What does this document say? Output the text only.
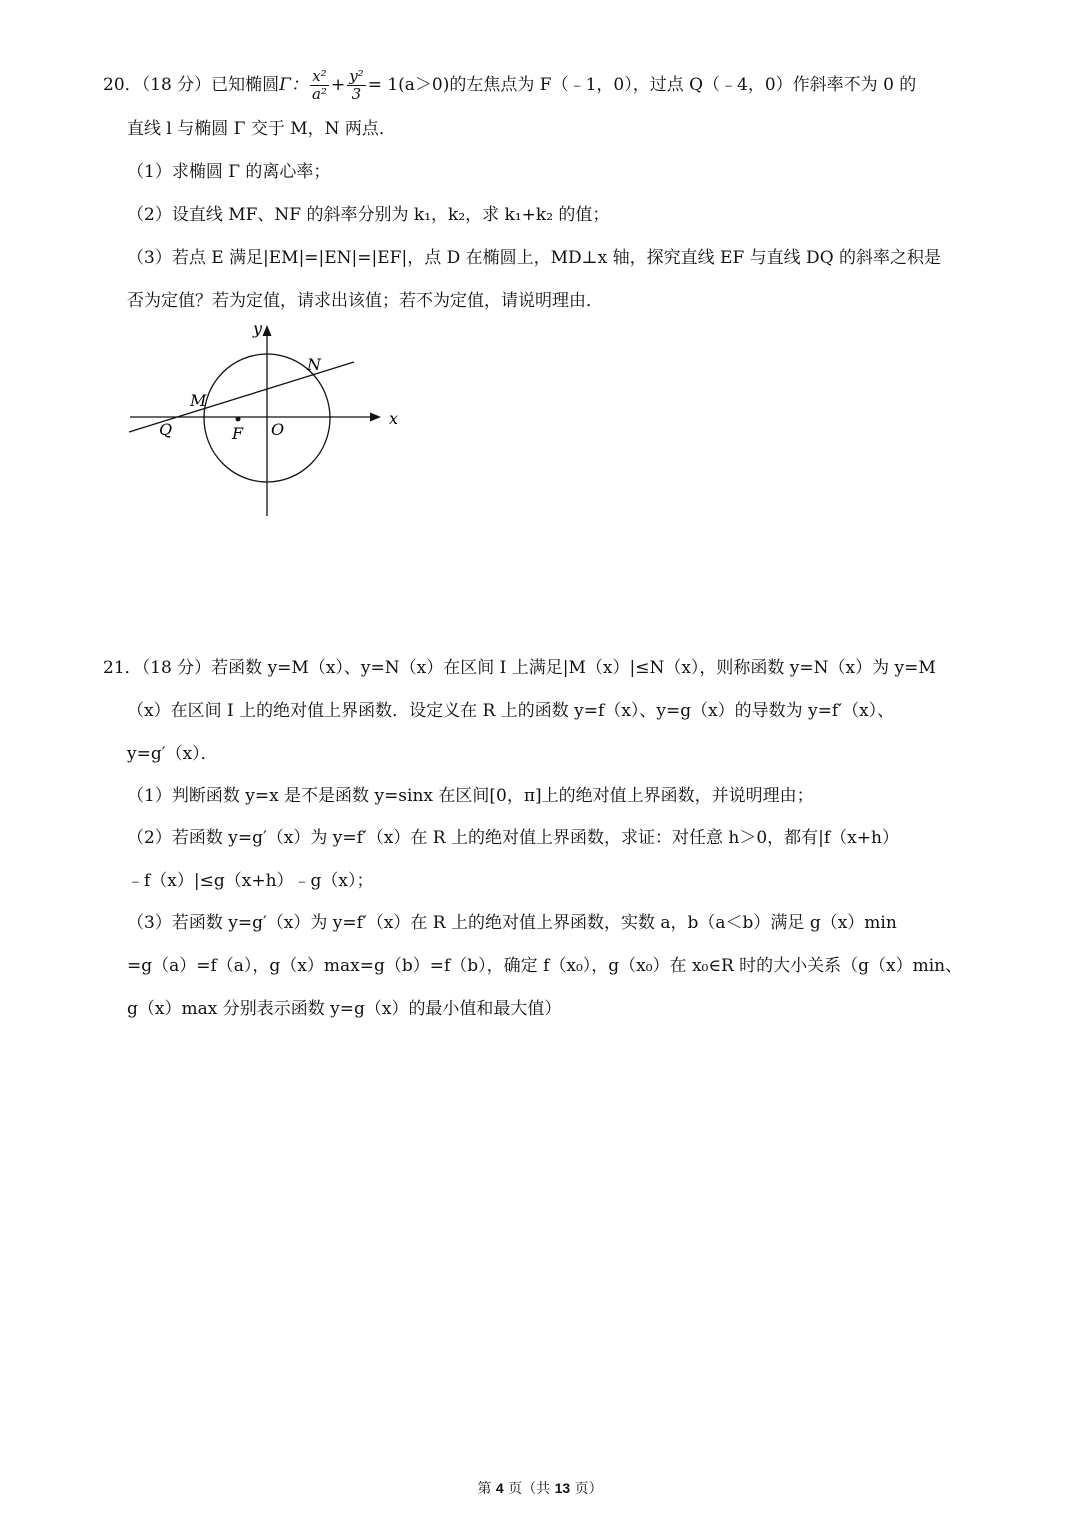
20．（18 分）已知椭圆Γ： $\frac{\text{x²}}{\text{a²}} + \frac{\text{y²}}{3} = 1(a>0)$的左焦点为 F（﹣1，0），过点 Q（﹣4，0）作斜率不为 0 的
直线 l 与椭圆 Γ 交于 M，N 两点．
（1）求椭圆 Γ 的离心率；
（2）设直线 MF、NF 的斜率分别为 k₁，k₂，求 k₁+k₂ 的值；
（3）若点 E 满足|EM|=|EN|=|EF|，点 D 在椭圆上，MD⊥x 轴，探究直线 EF 与直线 DQ 的斜率之积是
否为定值？若为定值，请求出该值；若不为定值，请说明理由．
y
x
N
M
Q	F O
21．（18 分）若函数 y=M（x）、y=N（x）在区间 I 上满足|M（x）|≤N（x），则称函数 y=N（x）为 y=M
（x）在区间 I 上的绝对值上界函数．设定义在 R 上的函数 y=f（x）、y=g（x）的导数为 y=f′（x）、
y=g′（x）．
（1）判断函数 y=x 是不是函数 y=sinx 在区间[0，π]上的绝对值上界函数，并说明理由；
（2）若函数 y=g′（x）为 y=f′（x）在 R 上的绝对值上界函数，求证：对任意 h＞0，都有|f（x+h）
﹣f（x）|≤g（x+h）﹣g（x）；
（3）若函数 y=g′（x）为 y=f′（x）在 R 上的绝对值上界函数，实数 a，b（a＜b）满足 g（x）min
=g（a）=f（a），g（x）max=g（b）=f（b），确定 f（x₀），g（x₀）在 x₀∈R 时的大小关系（g（x）min、
g（x）max 分别表示函数 y=g（x）的最小值和最大值）
第 4 页（共 13 页）
